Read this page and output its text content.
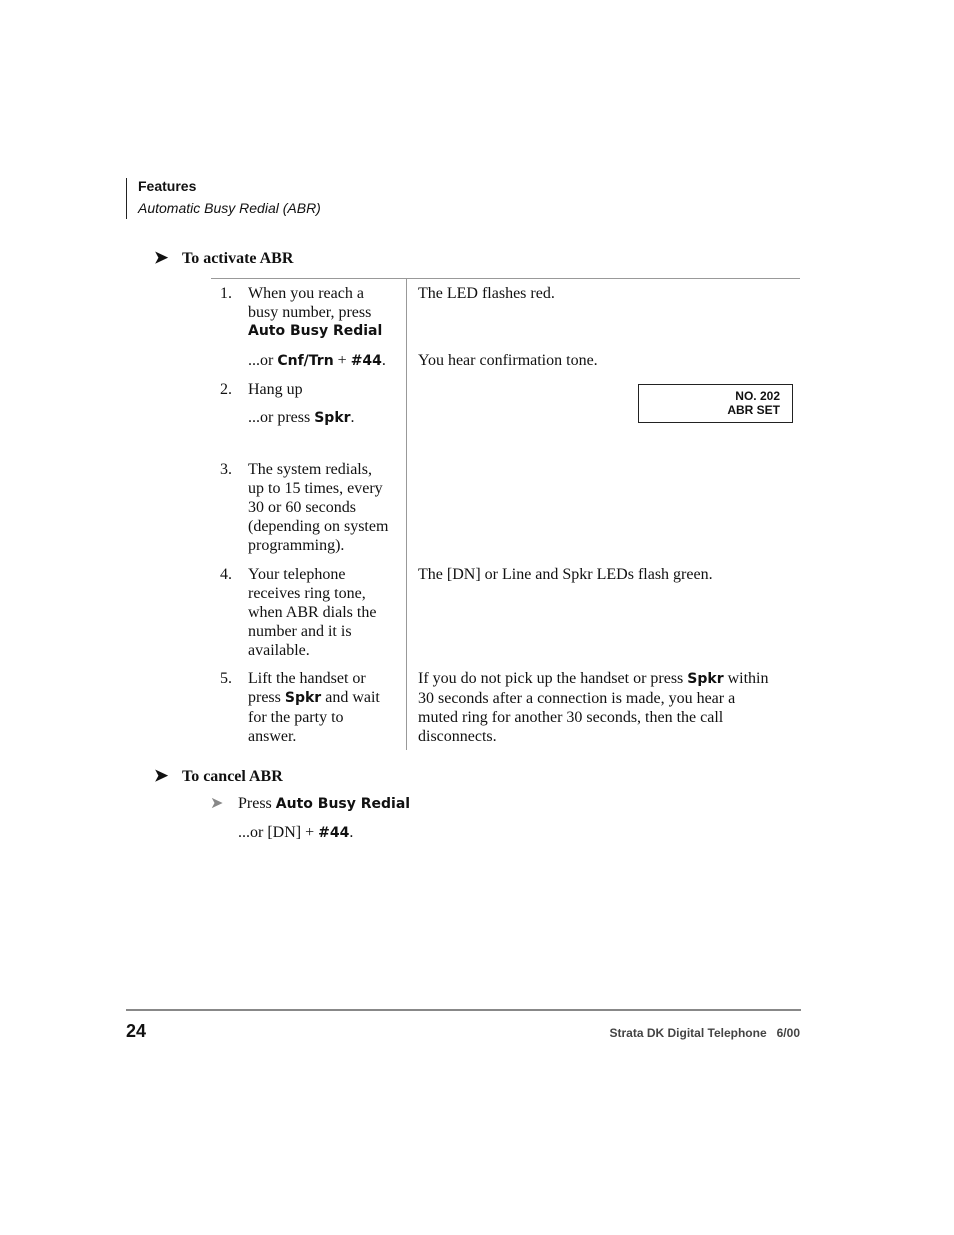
Features
Automatic Busy Redial (ABR)
➤ To activate ABR
1. When you reach a
busy number, press
Auto Busy Redial
The LED flashes red.
...or Cnf/Trn + #44.	You hear confirmation tone.
2. Hang up
...or press Spkr.
NO. 202
ABR SET
3. The system redials,
up to 15 times, every
30 or 60 seconds
(depending on system
programming).
4. Your telephone
receives ring tone,
when ABR dials the
number and it is
available.
The [DN] or Line and Spkr LEDs flash green.
5. Lift the handset or
press Spkr and wait
for the party to
answer.
If you do not pick up the handset or press Spkr within
30 seconds after a connection is made, you hear a
muted ring for another 30 seconds, then the call
disconnects.
➤ To cancel ABR
➤ Press Auto Busy Redial
...or [DN] + #44.
24	Strata DK Digital Telephone   6/00
